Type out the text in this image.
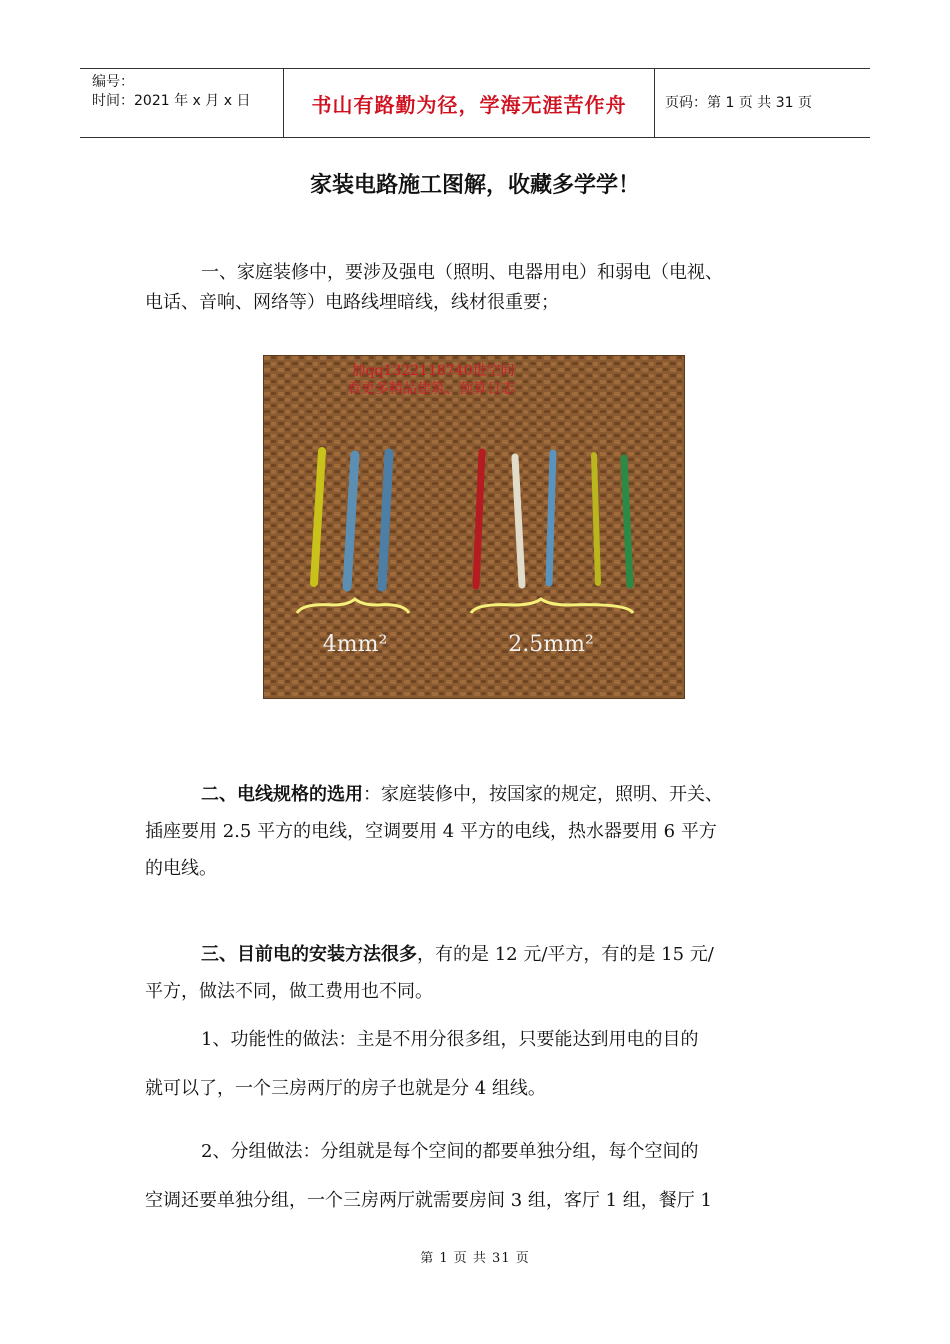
编号：
时间：2021 年 x 月 x 日	书山有路勤为径，学海无涯苦作舟	页码：第 1 页 共 31 页
家装电路施工图解，收藏多学学！
一、家庭装修中，要涉及强电（照明、电器用电）和弱电（电视、
电话、音响、网络等）电路线埋暗线，线材很重要；
加qq1322118740进空间
看更多精品建筑、预算日志
4mm²	2.5mm²
二、电线规格的选用：家庭装修中，按国家的规定，照明、开关、
插座要用 2.5 平方的电线，空调要用 4 平方的电线，热水器要用 6 平方
的电线。
三、目前电的安装方法很多，有的是 12 元/平方，有的是 15 元/
平方，做法不同，做工费用也不同。
1、功能性的做法：主是不用分很多组，只要能达到用电的目的
就可以了，一个三房两厅的房子也就是分 4 组线。
2、分组做法：分组就是每个空间的都要单独分组，每个空间的
空调还要单独分组，一个三房两厅就需要房间 3 组，客厅 1 组，餐厅 1
第 1 页 共 31 页
